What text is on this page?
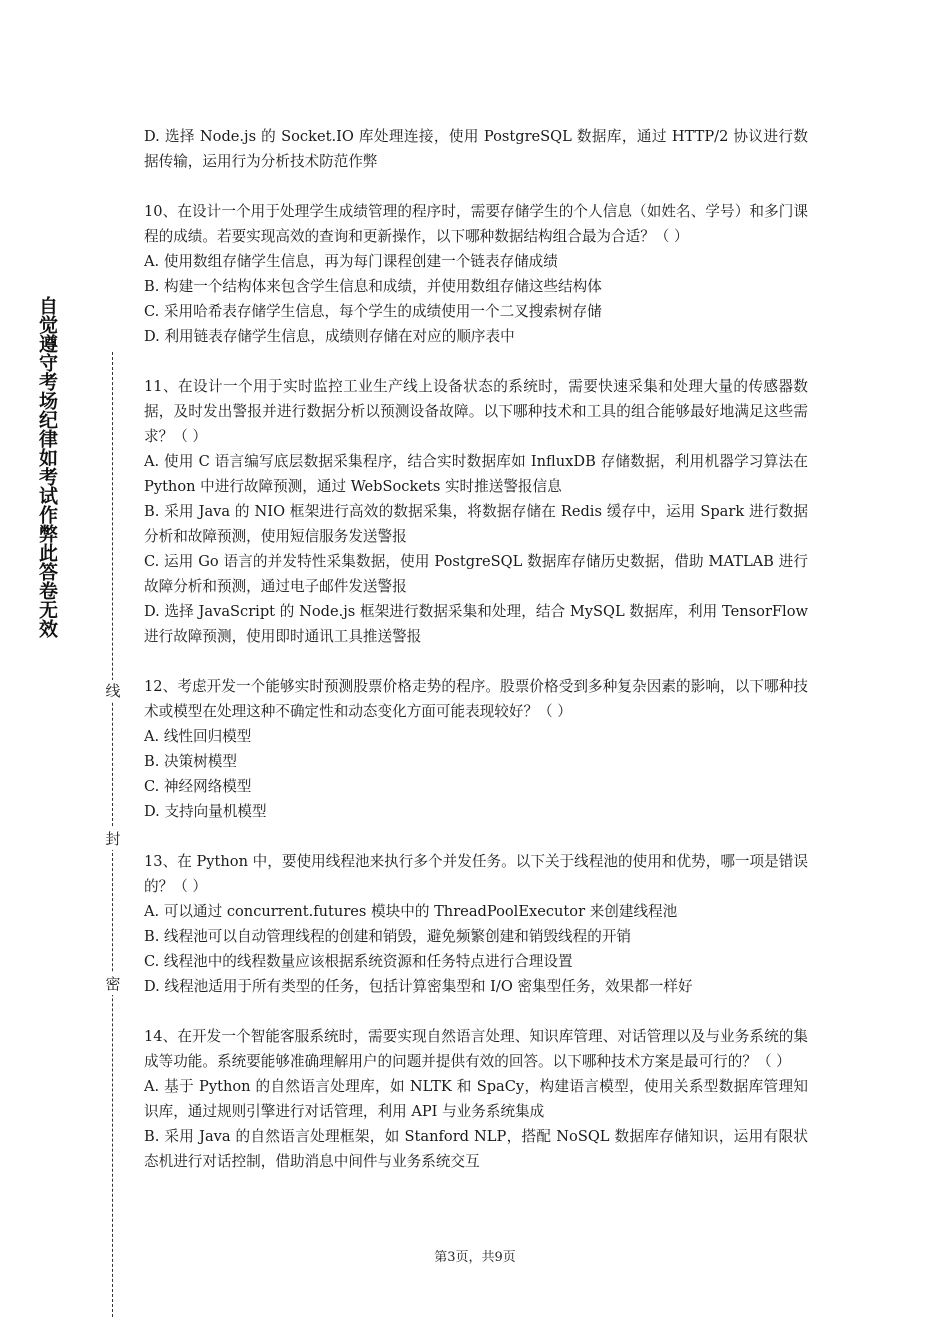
自觉遵守考场纪律如考试作弊此答卷无效
线
封
密

D. 选择 Node.js 的 Socket.IO 库处理连接，使用 PostgreSQL 数据库，通过 HTTP/2 协议进行数据传输，运用行为分析技术防范作弊

10、在设计一个用于处理学生成绩管理的程序时，需要存储学生的个人信息（如姓名、学号）和多门课程的成绩。若要实现高效的查询和更新操作，以下哪种数据结构组合最为合适？（ ）

A. 使用数组存储学生信息，再为每门课程创建一个链表存储成绩

B. 构建一个结构体来包含学生信息和成绩，并使用数组存储这些结构体

C. 采用哈希表存储学生信息，每个学生的成绩使用一个二叉搜索树存储

D. 利用链表存储学生信息，成绩则存储在对应的顺序表中

11、在设计一个用于实时监控工业生产线上设备状态的系统时，需要快速采集和处理大量的传感器数据，及时发出警报并进行数据分析以预测设备故障。以下哪种技术和工具的组合能够最好地满足这些需求？（ ）

A. 使用 C 语言编写底层数据采集程序，结合实时数据库如 InfluxDB 存储数据，利用机器学习算法在 Python 中进行故障预测，通过 WebSockets 实时推送警报信息

B. 采用 Java 的 NIO 框架进行高效的数据采集，将数据存储在 Redis 缓存中，运用 Spark 进行数据分析和故障预测，使用短信服务发送警报

C. 运用 Go 语言的并发特性采集数据，使用 PostgreSQL 数据库存储历史数据，借助 MATLAB 进行故障分析和预测，通过电子邮件发送警报

D. 选择 JavaScript 的 Node.js 框架进行数据采集和处理，结合 MySQL 数据库，利用 TensorFlow 进行故障预测，使用即时通讯工具推送警报

12、考虑开发一个能够实时预测股票价格走势的程序。股票价格受到多种复杂因素的影响，以下哪种技术或模型在处理这种不确定性和动态变化方面可能表现较好？（ ）

A. 线性回归模型

B. 决策树模型

C. 神经网络模型

D. 支持向量机模型

13、在 Python 中，要使用线程池来执行多个并发任务。以下关于线程池的使用和优势，哪一项是错误的？（ ）

A. 可以通过 concurrent.futures 模块中的 ThreadPoolExecutor 来创建线程池

B. 线程池可以自动管理线程的创建和销毁，避免频繁创建和销毁线程的开销

C. 线程池中的线程数量应该根据系统资源和任务特点进行合理设置

D. 线程池适用于所有类型的任务，包括计算密集型和 I/O 密集型任务，效果都一样好

14、在开发一个智能客服系统时，需要实现自然语言处理、知识库管理、对话管理以及与业务系统的集成等功能。系统要能够准确理解用户的问题并提供有效的回答。以下哪种技术方案是最可行的？（ ）

A. 基于 Python 的自然语言处理库，如 NLTK 和 SpaCy，构建语言模型，使用关系型数据库管理知识库，通过规则引擎进行对话管理，利用 API 与业务系统集成

B. 采用 Java 的自然语言处理框架，如 Stanford NLP，搭配 NoSQL 数据库存储知识，运用有限状态机进行对话控制，借助消息中间件与业务系统交互

第3页，共9页
